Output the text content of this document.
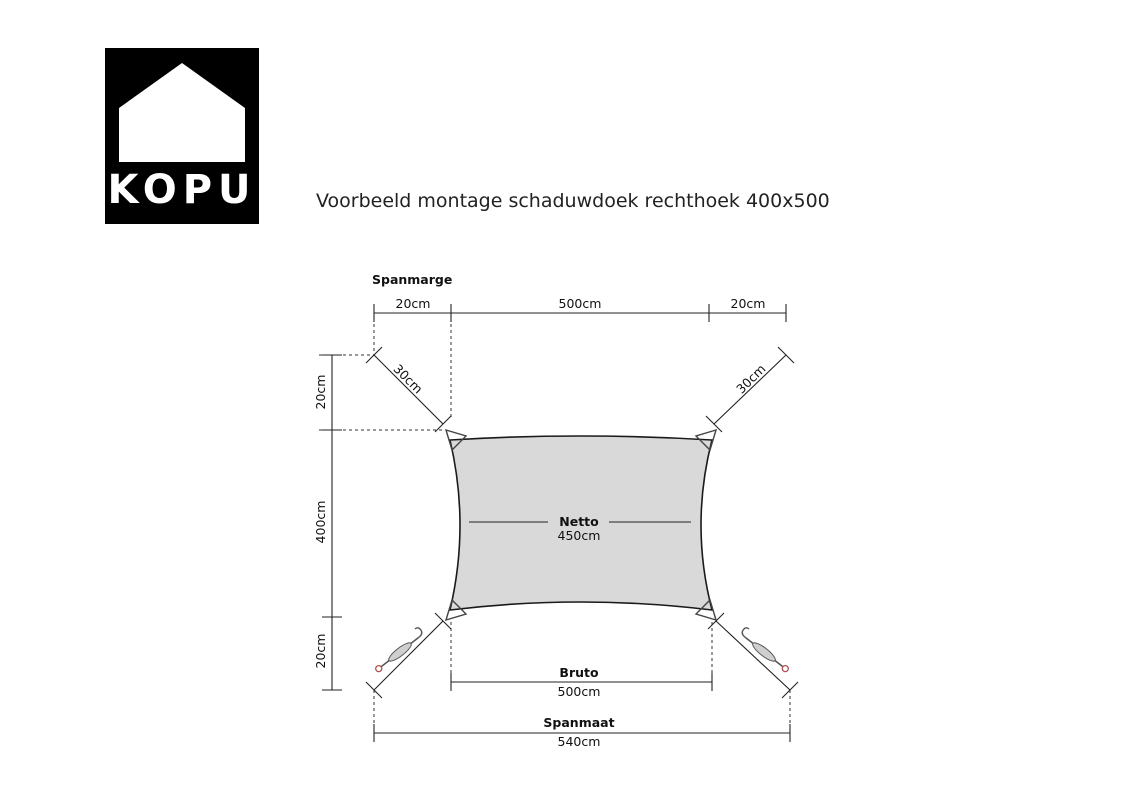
KOPU	Voorbeeld montage schaduwdoek rechthoek 400x500
Spanmarge
20cm	500cm	20cm
30cm	30cm
20cm
400cm
20cm
Netto
450cm
Bruto
500cm
Spanmaat
540cm
